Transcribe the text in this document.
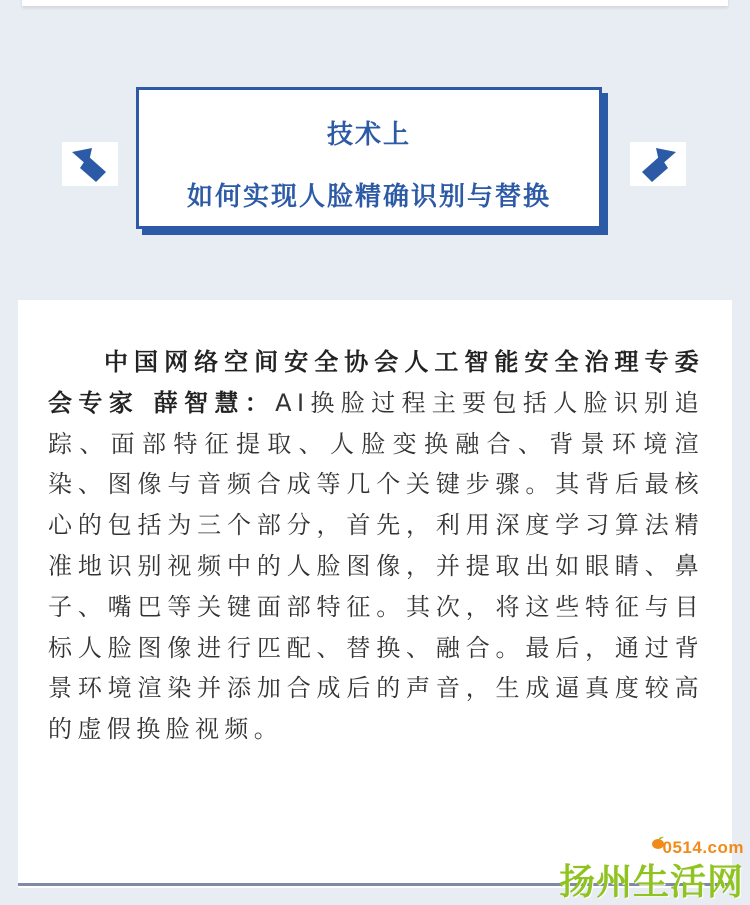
技术上
如何实现人脸精确识别与替换

中国网络空间安全协会人工智能安全治理专委会专家 薛智慧：AI换脸过程主要包括人脸识别追踪、面部特征提取、人脸变换融合、背景环境渲染、图像与音频合成等几个关键步骤。其背后最核心的包括为三个部分，首先，利用深度学习算法精准地识别视频中的人脸图像，并提取出如眼睛、鼻子、嘴巴等关键面部特征。其次，将这些特征与目标人脸图像进行匹配、替换、融合。最后，通过背景环境渲染并添加合成后的声音，生成逼真度较高的虚假换脸视频。

0514.com
扬州生活网
